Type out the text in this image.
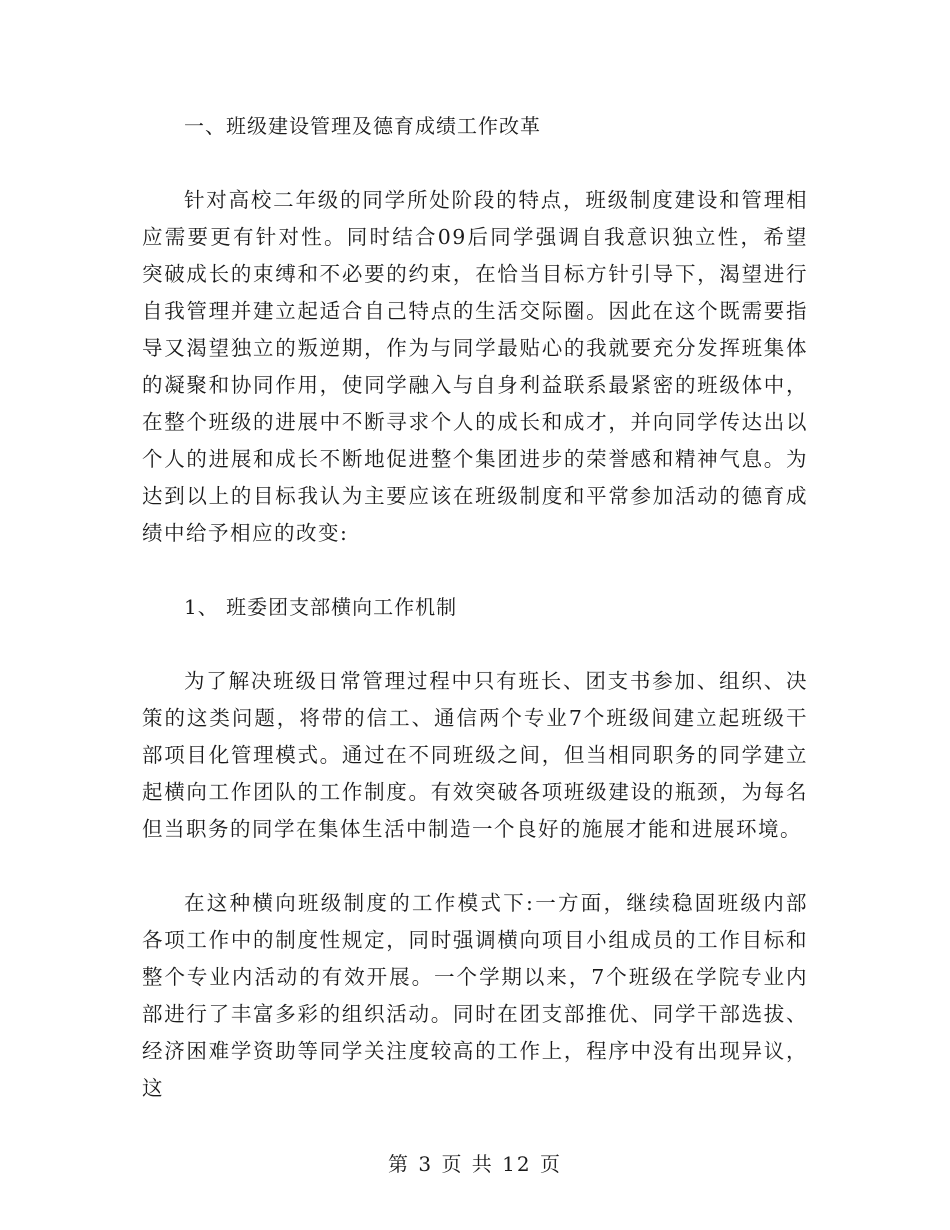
一、班级建设管理及德育成绩工作改革

针对高校二年级的同学所处阶段的特点，班级制度建设和管理相应需要更有针对性。同时结合09后同学强调自我意识独立性，希望突破成长的束缚和不必要的约束，在恰当目标方针引导下，渴望进行自我管理并建立起适合自己特点的生活交际圈。因此在这个既需要指导又渴望独立的叛逆期，作为与同学最贴心的我就要充分发挥班集体的凝聚和协同作用，使同学融入与自身利益联系最紧密的班级体中，在整个班级的进展中不断寻求个人的成长和成才，并向同学传达出以个人的进展和成长不断地促进整个集团进步的荣誉感和精神气息。为达到以上的目标我认为主要应该在班级制度和平常参加活动的德育成绩中给予相应的改变:

1、 班委团支部横向工作机制

为了解决班级日常管理过程中只有班长、团支书参加、组织、决策的这类问题，将带的信工、通信两个专业7个班级间建立起班级干部项目化管理模式。通过在不同班级之间，但当相同职务的同学建立起横向工作团队的工作制度。有效突破各项班级建设的瓶颈，为每名但当职务的同学在集体生活中制造一个良好的施展才能和进展环境。

在这种横向班级制度的工作模式下:一方面，继续稳固班级内部各项工作中的制度性规定，同时强调横向项目小组成员的工作目标和整个专业内活动的有效开展。一个学期以来，7个班级在学院专业内部进行了丰富多彩的组织活动。同时在团支部推优、同学干部选拔、经济困难学资助等同学关注度较高的工作上，程序中没有出现异议，这

第 3 页 共 12 页
